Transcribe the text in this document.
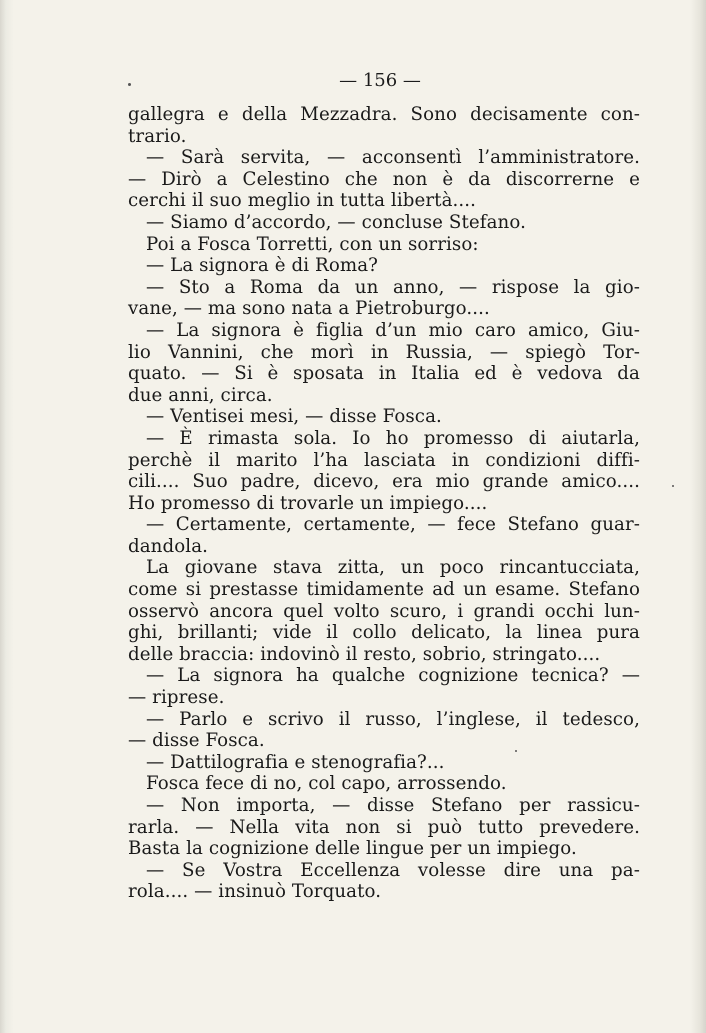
— 156 —
gallegra e della Mezzadra. Sono decisamente con-
trario.
— Sarà servita, — acconsentì l’amministratore.
— Dirò a Celestino che non è da discorrerne e
cerchi il suo meglio in tutta libertà....
— Siamo d’accordo, — concluse Stefano.
Poi a Fosca Torretti, con un sorriso:
— La signora è di Roma?
— Sto a Roma da un anno, — rispose la gio-
vane, — ma sono nata a Pietroburgo....
— La signora è figlia d’un mio caro amico, Giu-
lio Vannini, che morì in Russia, — spiegò Tor-
quato. — Si è sposata in Italia ed è vedova da
due anni, circa.
— Ventisei mesi, — disse Fosca.
— È rimasta sola. Io ho promesso di aiutarla,
perchè il marito l’ha lasciata in condizioni diffi-
cili.... Suo padre, dicevo, era mio grande amico....
Ho promesso di trovarle un impiego....
— Certamente, certamente, — fece Stefano guar-
dandola.
La giovane stava zitta, un poco rincantucciata,
come si prestasse timidamente ad un esame. Stefano
osservò ancora quel volto scuro, i grandi occhi lun-
ghi, brillanti; vide il collo delicato, la linea pura
delle braccia: indovinò il resto, sobrio, stringato....
— La signora ha qualche cognizione tecnica? —
— riprese.
— Parlo e scrivo il russo, l’inglese, il tedesco,
— disse Fosca.
— Dattilografia e stenografia?...
Fosca fece di no, col capo, arrossendo.
— Non importa, — disse Stefano per rassicu-
rarla. — Nella vita non si può tutto prevedere.
Basta la cognizione delle lingue per un impiego.
— Se Vostra Eccellenza volesse dire una pa-
rola.... — insinuò Torquato.
